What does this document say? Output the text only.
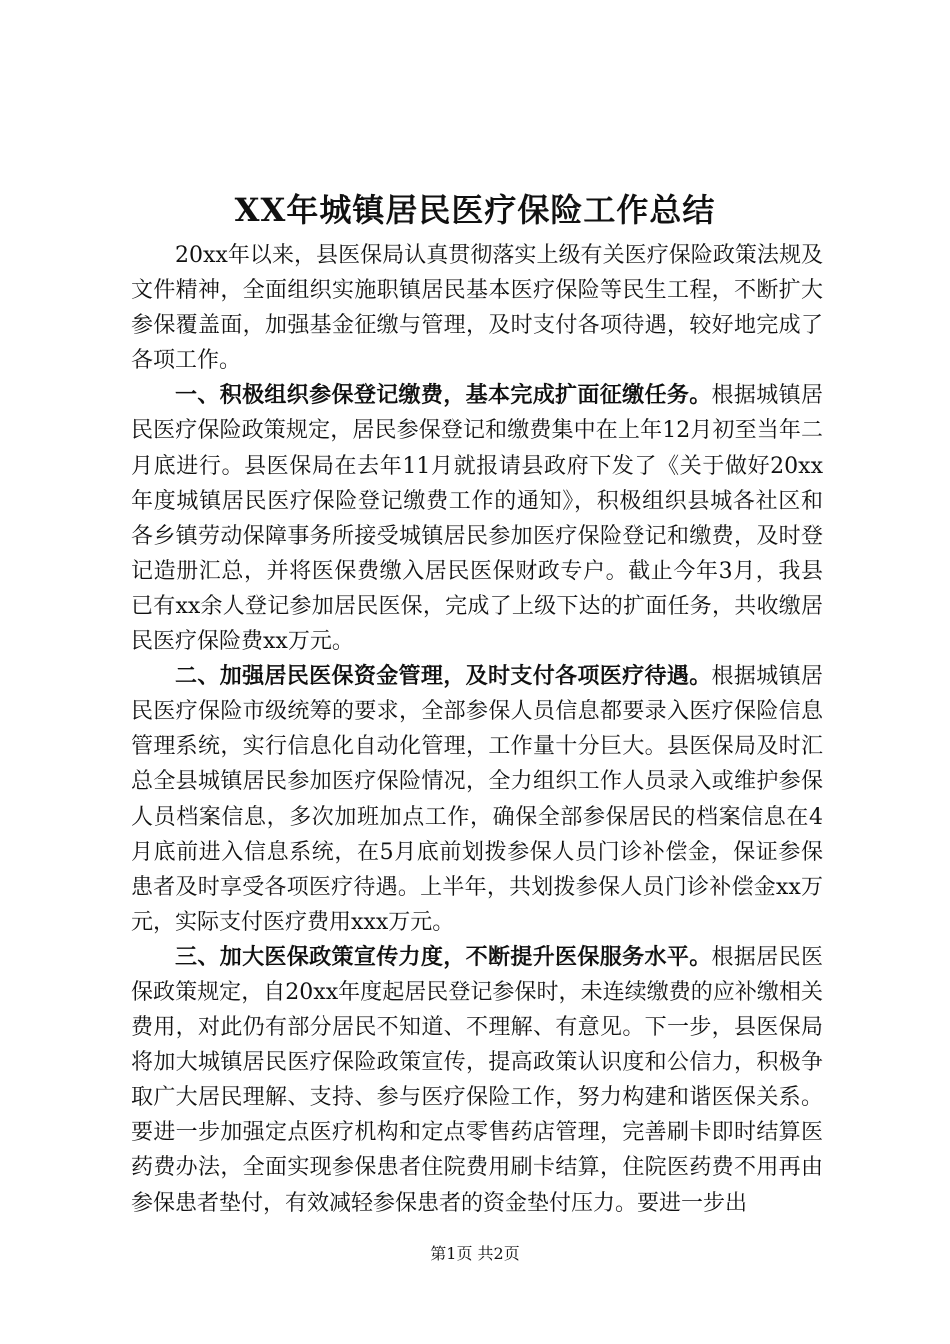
XX年城镇居民医疗保险工作总结

20xx年以来，县医保局认真贯彻落实上级有关医疗保险政策法规及文件精神，全面组织实施职镇居民基本医疗保险等民生工程，不断扩大参保覆盖面，加强基金征缴与管理，及时支付各项待遇，较好地完成了各项工作。

一、积极组织参保登记缴费，基本完成扩面征缴任务。根据城镇居民医疗保险政策规定，居民参保登记和缴费集中在上年12月初至当年二月底进行。县医保局在去年11月就报请县政府下发了《关于做好20xx年度城镇居民医疗保险登记缴费工作的通知》，积极组织县城各社区和各乡镇劳动保障事务所接受城镇居民参加医疗保险登记和缴费，及时登记造册汇总，并将医保费缴入居民医保财政专户。截止今年3月，我县已有xx余人登记参加居民医保，完成了上级下达的扩面任务，共收缴居民医疗保险费xx万元。

二、加强居民医保资金管理，及时支付各项医疗待遇。根据城镇居民医疗保险市级统筹的要求，全部参保人员信息都要录入医疗保险信息管理系统，实行信息化自动化管理，工作量十分巨大。县医保局及时汇总全县城镇居民参加医疗保险情况，全力组织工作人员录入或维护参保人员档案信息，多次加班加点工作，确保全部参保居民的档案信息在4月底前进入信息系统，在5月底前划拨参保人员门诊补偿金，保证参保患者及时享受各项医疗待遇。上半年，共划拨参保人员门诊补偿金xx万元，实际支付医疗费用xxx万元。

三、加大医保政策宣传力度，不断提升医保服务水平。根据居民医保政策规定，自20xx年度起居民登记参保时，未连续缴费的应补缴相关费用，对此仍有部分居民不知道、不理解、有意见。下一步，县医保局将加大城镇居民医疗保险政策宣传，提高政策认识度和公信力，积极争取广大居民理解、支持、参与医疗保险工作，努力构建和谐医保关系。要进一步加强定点医疗机构和定点零售药店管理，完善刷卡即时结算医药费办法，全面实现参保患者住院费用刷卡结算，住院医药费不用再由参保患者垫付，有效减轻参保患者的资金垫付压力。要进一步出

第1页 共2页
